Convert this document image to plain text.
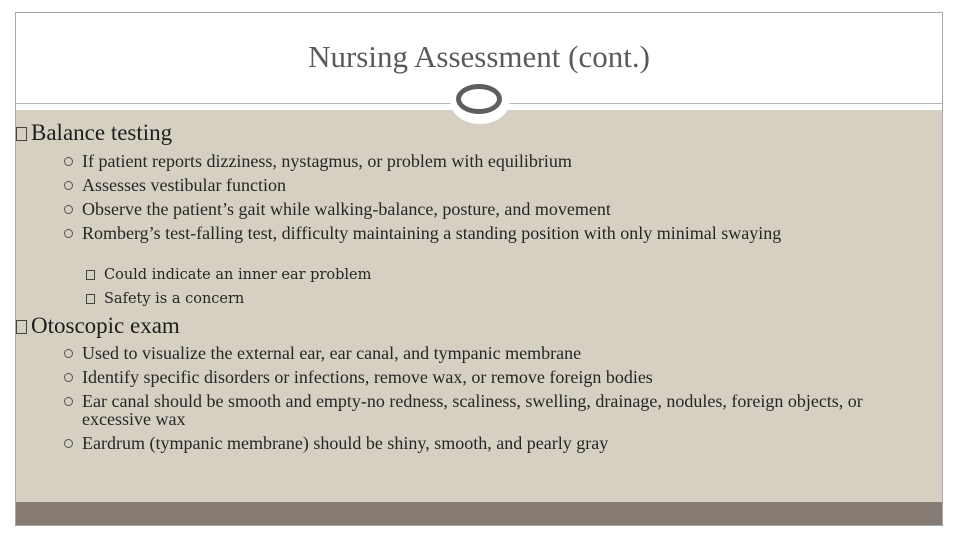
Nursing Assessment (cont.)
Balance testing
If patient reports dizziness, nystagmus, or problem with equilibrium
Assesses vestibular function
Observe the patient’s gait while walking-balance, posture, and movement
Romberg’s test-falling test, difficulty maintaining a standing position with only minimal swaying
Could indicate an inner ear problem
Safety is a concern
Otoscopic exam
Used to visualize the external ear, ear canal, and tympanic membrane
Identify specific disorders or infections, remove wax, or remove foreign bodies
Ear canal should be smooth and empty-no redness, scaliness, swelling, drainage, nodules, foreign objects, or excessive wax
Eardrum (tympanic membrane) should be shiny, smooth, and pearly gray
